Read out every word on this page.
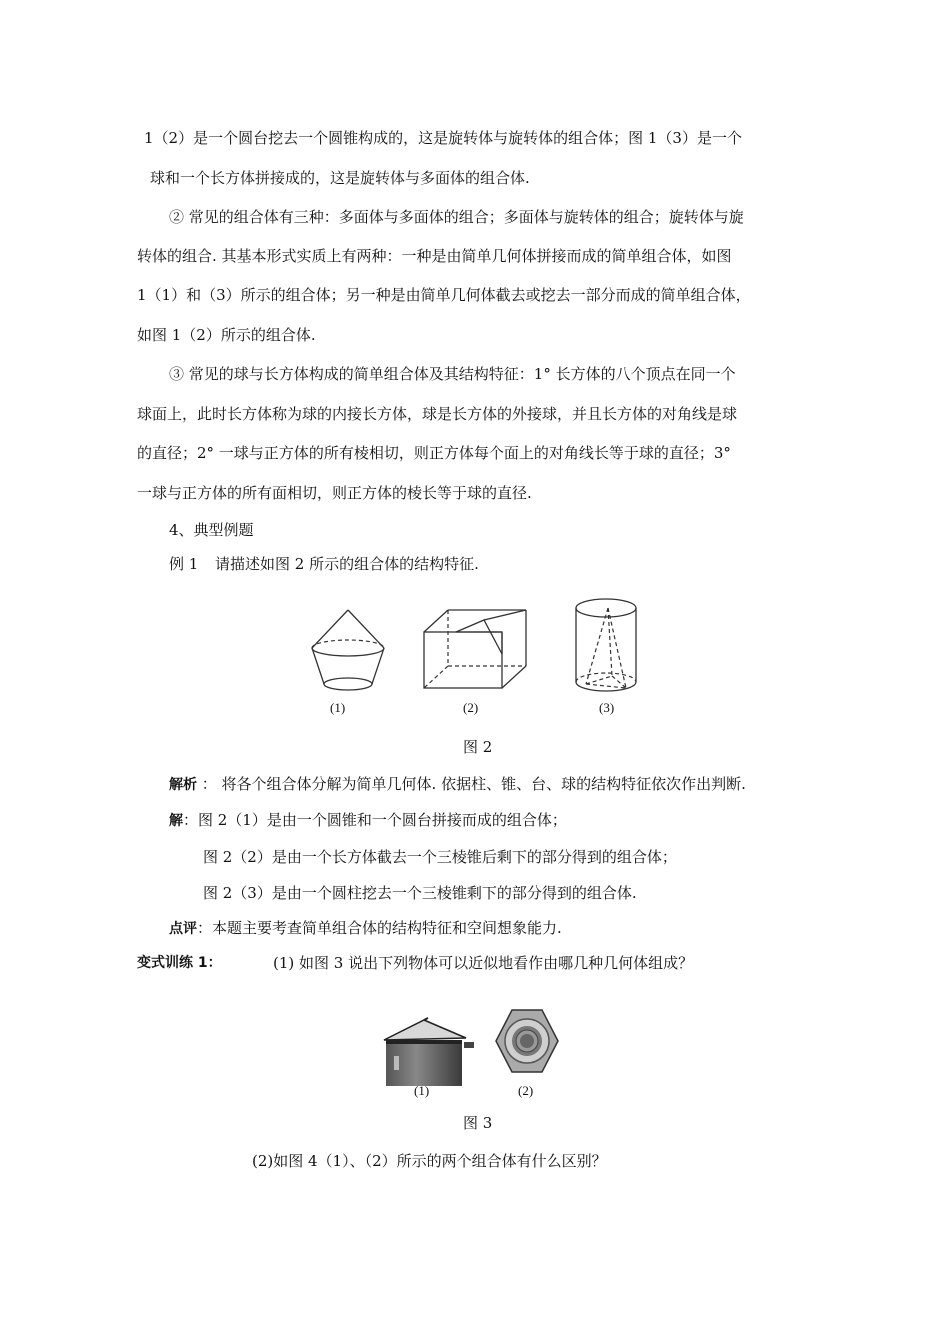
1（2）是一个圆台挖去一个圆锥构成的，这是旋转体与旋转体的组合体；图 1（3）是一个
球和一个长方体拼接成的，这是旋转体与多面体的组合体.
② 常见的组合体有三种：多面体与多面体的组合；多面体与旋转体的组合；旋转体与旋
转体的组合. 其基本形式实质上有两种：一种是由简单几何体拼接而成的简单组合体，如图
1（1）和（3）所示的组合体；另一种是由简单几何体截去或挖去一部分而成的简单组合体，
如图 1（2）所示的组合体.
③ 常见的球与长方体构成的简单组合体及其结构特征：1° 长方体的八个顶点在同一个
球面上，此时长方体称为球的内接长方体，球是长方体的外接球，并且长方体的对角线是球
的直径；2° 一球与正方体的所有棱相切，则正方体每个面上的对角线长等于球的直径；3°
一球与正方体的所有面相切，则正方体的棱长等于球的直径.
4、典型例题
例 1 请描述如图 2 所示的组合体的结构特征.
(1)	(2)	(3)
图 2
解析 ： 将各个组合体分解为简单几何体. 依据柱、锥、台、球的结构特征依次作出判断.
解：图 2（1）是由一个圆锥和一个圆台拼接而成的组合体；
图 2（2）是由一个长方体截去一个三棱锥后剩下的部分得到的组合体；
图 2（3）是由一个圆柱挖去一个三棱锥剩下的部分得到的组合体.
点评：本题主要考查简单组合体的结构特征和空间想象能力.
变式训练 1：	(1) 如图 3 说出下列物体可以近似地看作由哪几种几何体组成？
(1)	(2)
图 3
(2)如图 4（1）、（2）所示的两个组合体有什么区别？
